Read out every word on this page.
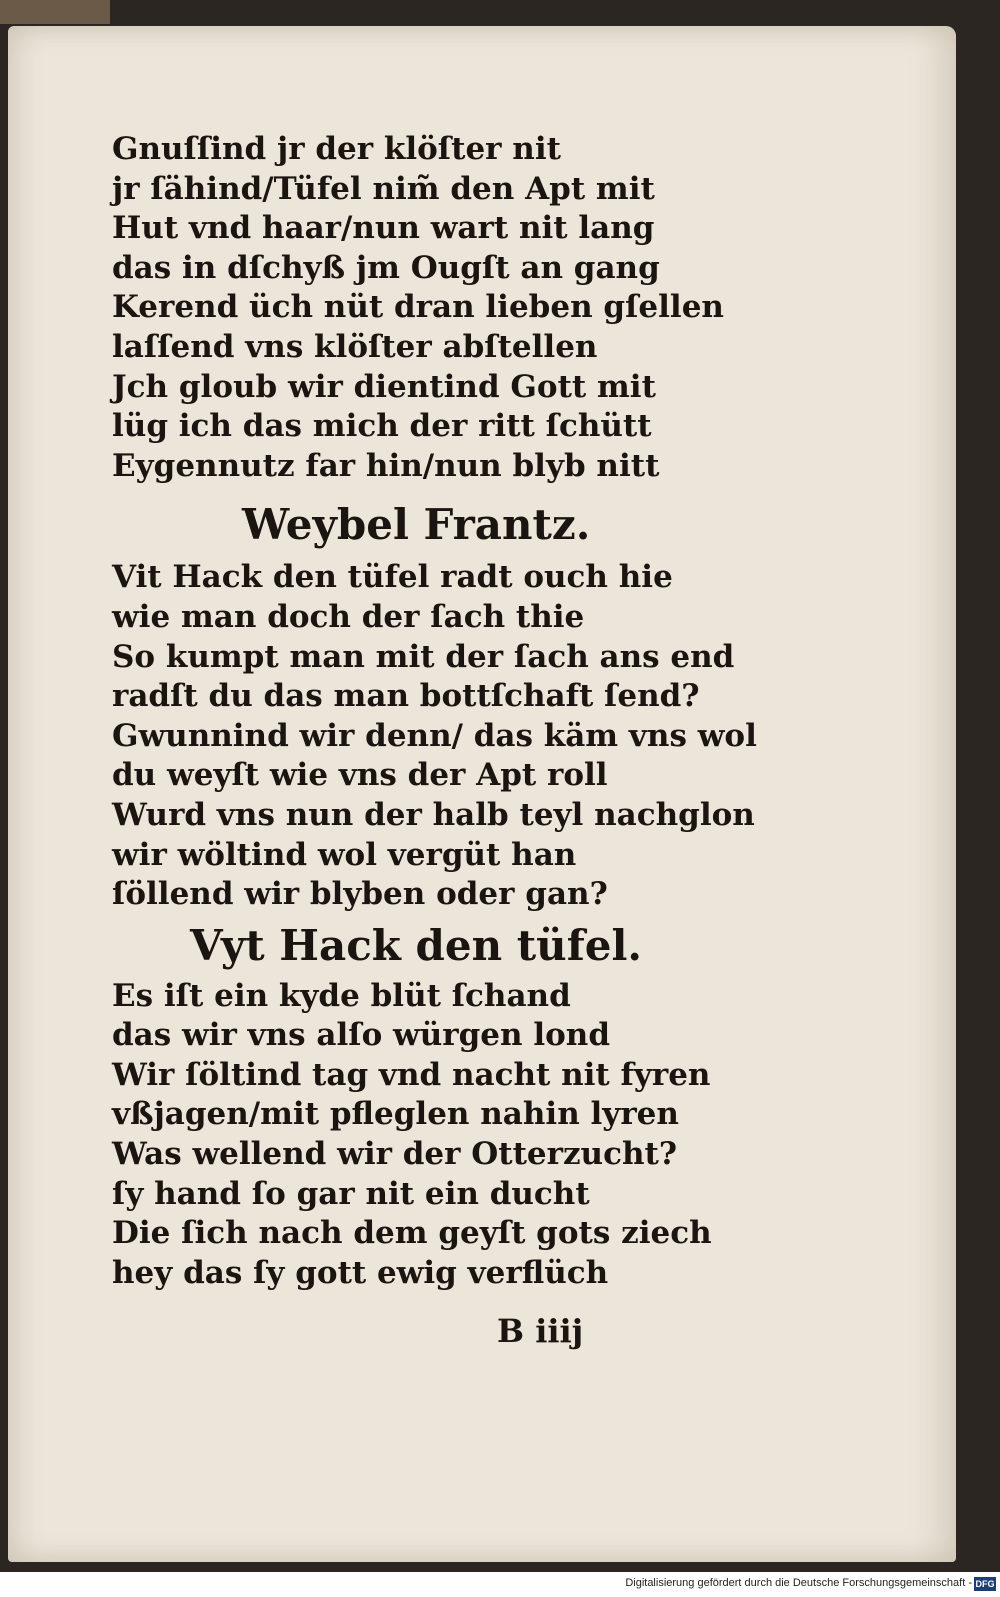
Gnuſſind jr der klöſter nit
jr ſähind/Tüfel nim̃ den Apt mit
Hut vnd haar/nun wart nit lang
das in dſchyß jm Ougſt an gang
Kerend üch nüt dran lieben gſellen
laſſend vns klöſter abſtellen
Jch gloub wir dientind Gott mit
lüg ich das mich der ritt ſchütt
Eygennutz far hin/nun blyb nitt
Weybel Frantz.
Vit Hack den tüfel radt ouch hie
wie man doch der ſach thie
So kumpt man mit der ſach ans end
radſt du das man bottſchaft ſend?
Gwunnind wir denn/ das käm vns wol
du weyſt wie vns der Apt roll
Wurd vns nun der halb teyl nachglon
wir wöltind wol vergüt han
ſöllend wir blyben oder gan?
Vyt Hack den tüfel.
Es iſt ein kyde blüt ſchand
das wir vns alſo würgen lond
Wir ſöltind tag vnd nacht nit fyren
vßjagen/mit pfleglen nahin lyren
Was wellend wir der Otterzucht?
ſy hand ſo gar nit ein ducht
Die ſich nach dem geyſt gots ziech
hey das ſy gott ewig verflüch
B iiij
Digitalisierung gefördert durch die Deutsche Forschungsgemeinschaft - DFG
